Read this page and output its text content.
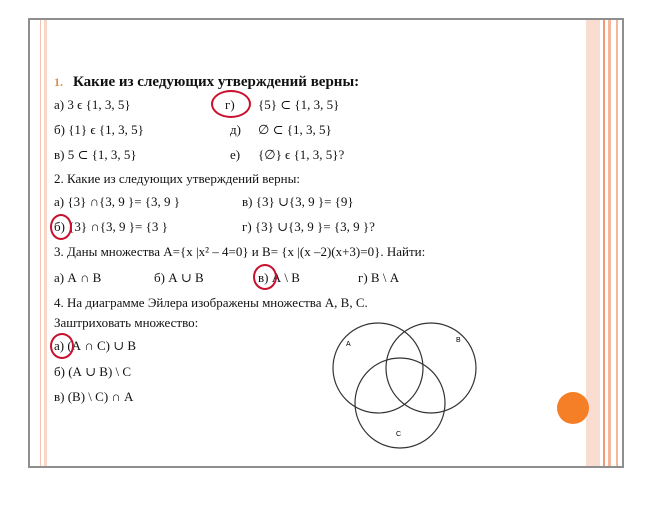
1. Какие из следующих утверждений верны:
а) 3 ϵ {1, 3, 5}	г) {5} ⊂ {1, 3, 5}
б) {1} ϵ {1, 3, 5}	д) ∅ ⊂ {1, 3, 5}
в) 5 ⊂ {1, 3, 5}	е) {∅} ϵ {1, 3, 5}?
2. Какие из следующих утверждений верны:
а) {3} ∩{3, 9 }= {3, 9 }	в) {3} ∪{3, 9 }= {9}
б) {3} ∩{3, 9 }= {3 }	г) {3} ∪{3, 9 }= {3, 9 }?
3. Даны множества А={x |x² – 4=0} и В= {x |(x –2)(x+3)=0}. Найти:
а) А ∩ В	б) А ∪ В	в) А \ В	г) В \ А
4. На диаграмме Эйлера изображены множества А, В, С.
Заштриховать множество:
а) (А ∩ С) ∪ В
б) (А ∪ В) \ С
в) (В) \ С) ∩ А
A
B
C
